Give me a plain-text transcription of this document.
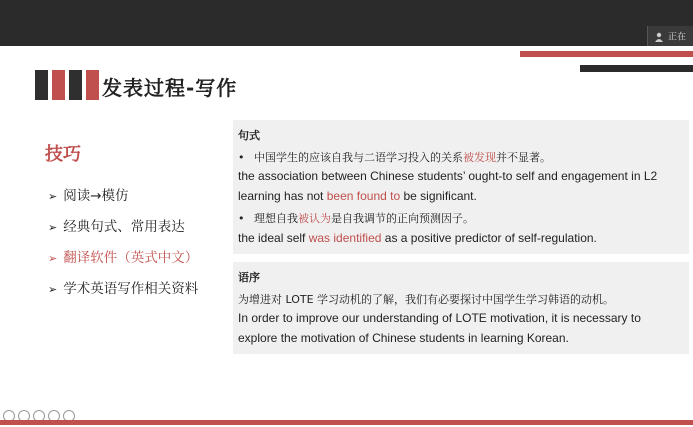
正在
发表过程-写作
技巧
➢ 阅读→模仿
➢ 经典句式、常用表达
➢ 翻译软件（英式中文）
➢ 学术英语写作相关资料
句式
• 中国学生的应该自我与二语学习投入的关系被发现并不显著。
the association between Chinese students’ ought-to self and engagement in L2
learning has not been found to be significant.
• 理想自我被认为是自我调节的正向预测因子。
the ideal self was identified as a positive predictor of self-regulation.
语序
为增进对 LOTE 学习动机的了解，我们有必要探讨中国学生学习韩语的动机。
In order to improve our understanding of LOTE motivation, it is necessary to
explore the motivation of Chinese students in learning Korean.
